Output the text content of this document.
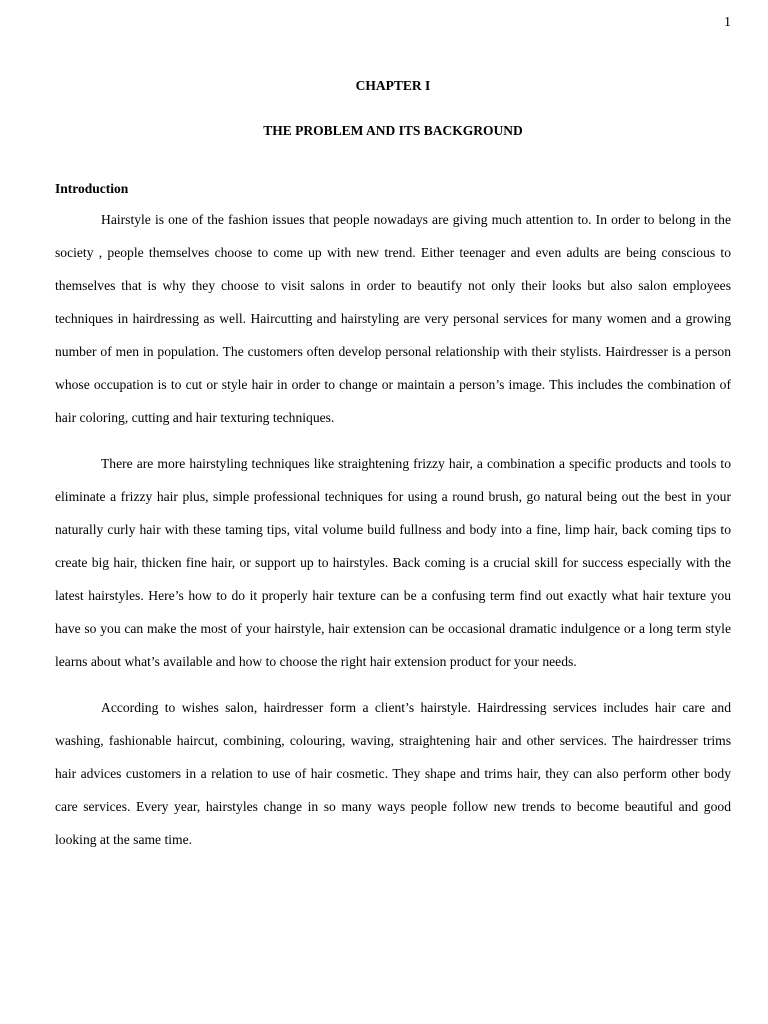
1
CHAPTER I
THE PROBLEM AND ITS BACKGROUND
Introduction

Hairstyle is one of the fashion issues that people nowadays are giving much attention to. In order to belong in the society , people themselves choose to come up with new trend. Either teenager and even adults are being conscious to themselves that is why they choose to visit salons in order to beautify not only their looks but also salon employees techniques in hairdressing as well. Haircutting and hairstyling are very personal services for many women and a growing number of men in population. The customers often develop personal relationship with their stylists. Hairdresser is a person whose occupation is to cut or style hair in order to change or maintain a person’s image. This includes the combination of hair coloring, cutting and hair texturing techniques.

There are more hairstyling techniques like straightening frizzy hair, a combination a specific products and tools to eliminate a frizzy hair plus, simple professional techniques for using a round brush, go natural being out the best in your naturally curly hair with these taming tips, vital volume build fullness and body into a fine, limp hair, back coming tips to create big hair, thicken fine hair, or support up to hairstyles. Back coming is a crucial skill for success especially with the latest hairstyles. Here’s how to do it properly hair texture can be a confusing term find out exactly what hair texture you have so you can make the most of your hairstyle, hair extension can be occasional dramatic indulgence or a long term style learns about what’s available and how to choose the right hair extension product for your needs.

According to wishes salon, hairdresser form a client’s hairstyle. Hairdressing services includes hair care and washing, fashionable haircut, combining, colouring, waving, straightening hair and other services. The hairdresser trims hair advices customers in a relation to use of hair cosmetic. They shape and trims hair, they can also perform other body care services. Every year, hairstyles change in so many ways people follow new trends to become beautiful and good looking at the same time.
